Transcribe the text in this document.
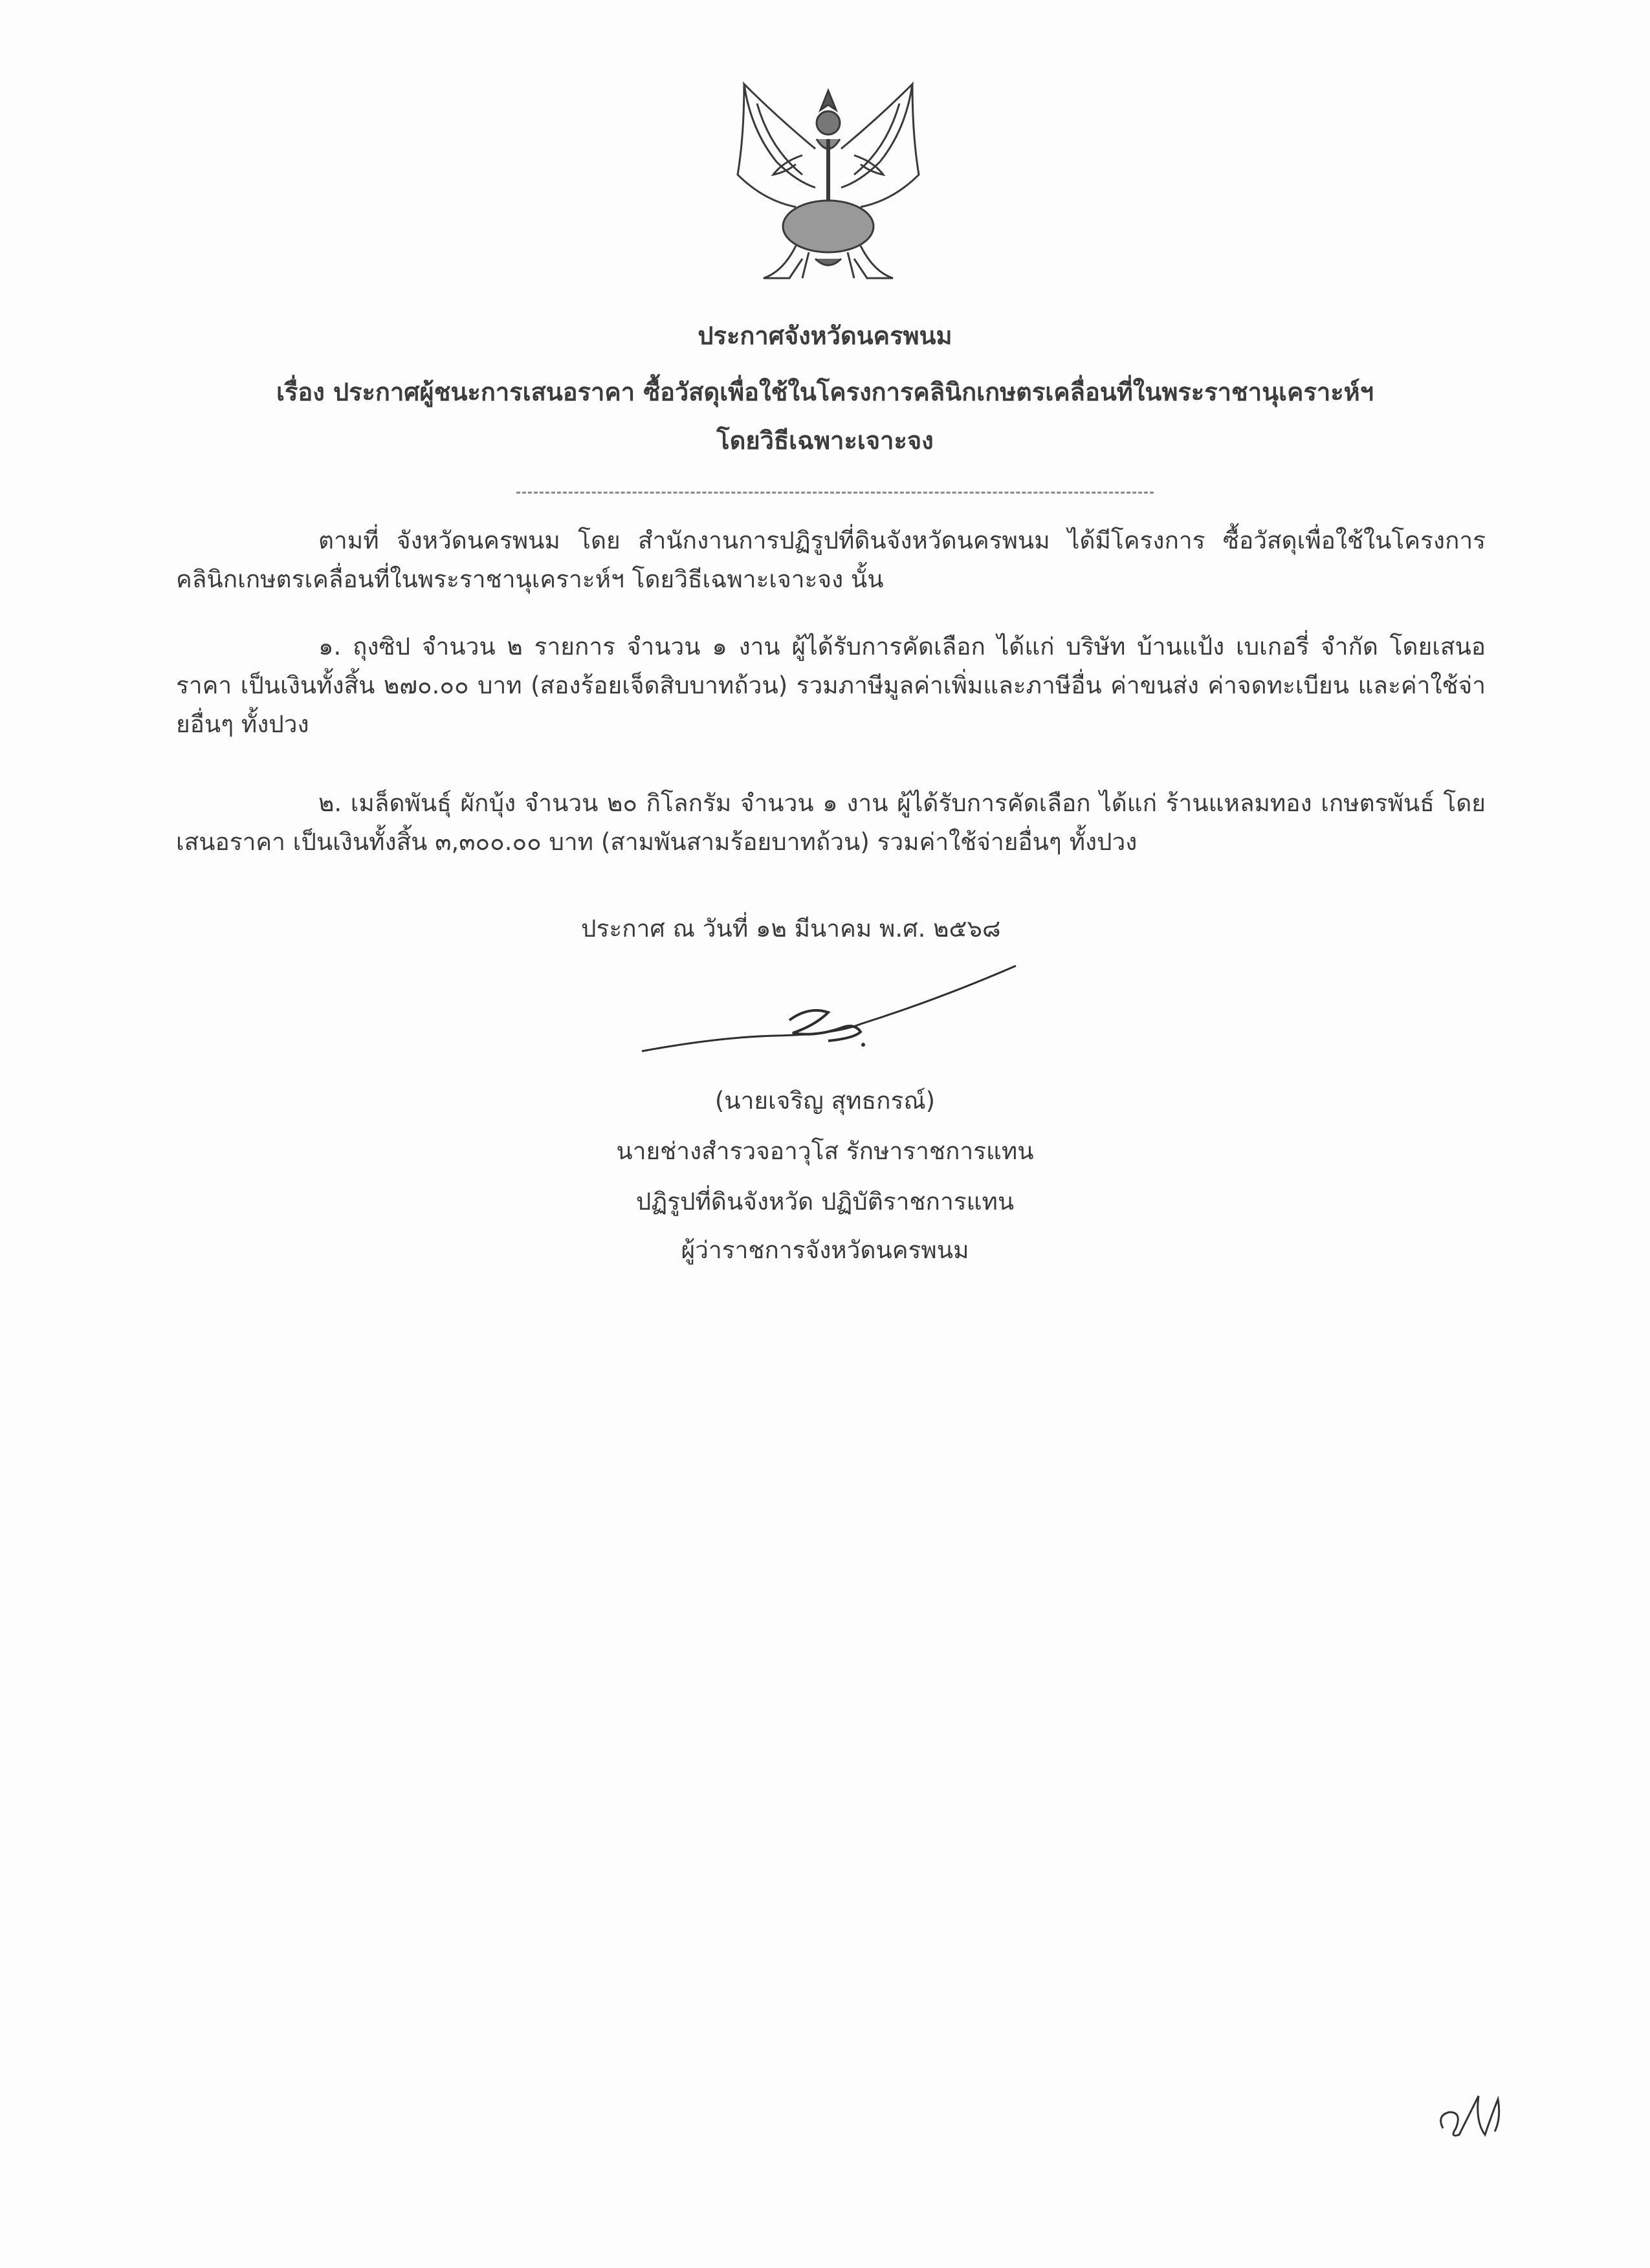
ประกาศจังหวัดนครพนม
เรื่อง ประกาศผู้ชนะการเสนอราคา ซื้อวัสดุเพื่อใช้ในโครงการคลินิกเกษตรเคลื่อนที่ในพระราชานุเคราะห์ฯ
โดยวิธีเฉพาะเจาะจง
ตามที่ จังหวัดนครพนม โดย สำนักงานการปฏิรูปที่ดินจังหวัดนครพนม ได้มีโครงการ ซื้อวัสดุเพื่อใช้ในโครงการคลินิกเกษตรเคลื่อนที่ในพระราชานุเคราะห์ฯ โดยวิธีเฉพาะเจาะจง นั้น
๑. ถุงซิป จำนวน ๒ รายการ จำนวน ๑ งาน ผู้ได้รับการคัดเลือก ได้แก่ บริษัท บ้านแป้ง เบเกอรี่ จำกัด โดยเสนอราคา เป็นเงินทั้งสิ้น ๒๗๐.๐๐ บาท (สองร้อยเจ็ดสิบบาทถ้วน) รวมภาษีมูลค่าเพิ่มและภาษีอื่น ค่าขนส่ง ค่าจดทะเบียน และค่าใช้จ่ายอื่นๆ ทั้งปวง
๒. เมล็ดพันธุ์ ผักบุ้ง จำนวน ๒๐ กิโลกรัม จำนวน ๑ งาน ผู้ได้รับการคัดเลือก ได้แก่ ร้านแหลมทอง เกษตรพันธ์ โดยเสนอราคา เป็นเงินทั้งสิ้น ๓,๓๐๐.๐๐ บาท (สามพันสามร้อยบาทถ้วน) รวมค่าใช้จ่ายอื่นๆ ทั้งปวง
ประกาศ ณ วันที่ ๑๒ มีนาคม พ.ศ. ๒๕๖๘
(นายเจริญ สุทธกรณ์)
นายช่างสำรวจอาวุโส รักษาราชการแทน
ปฏิรูปที่ดินจังหวัด ปฏิบัติราชการแทน
ผู้ว่าราชการจังหวัดนครพนม
